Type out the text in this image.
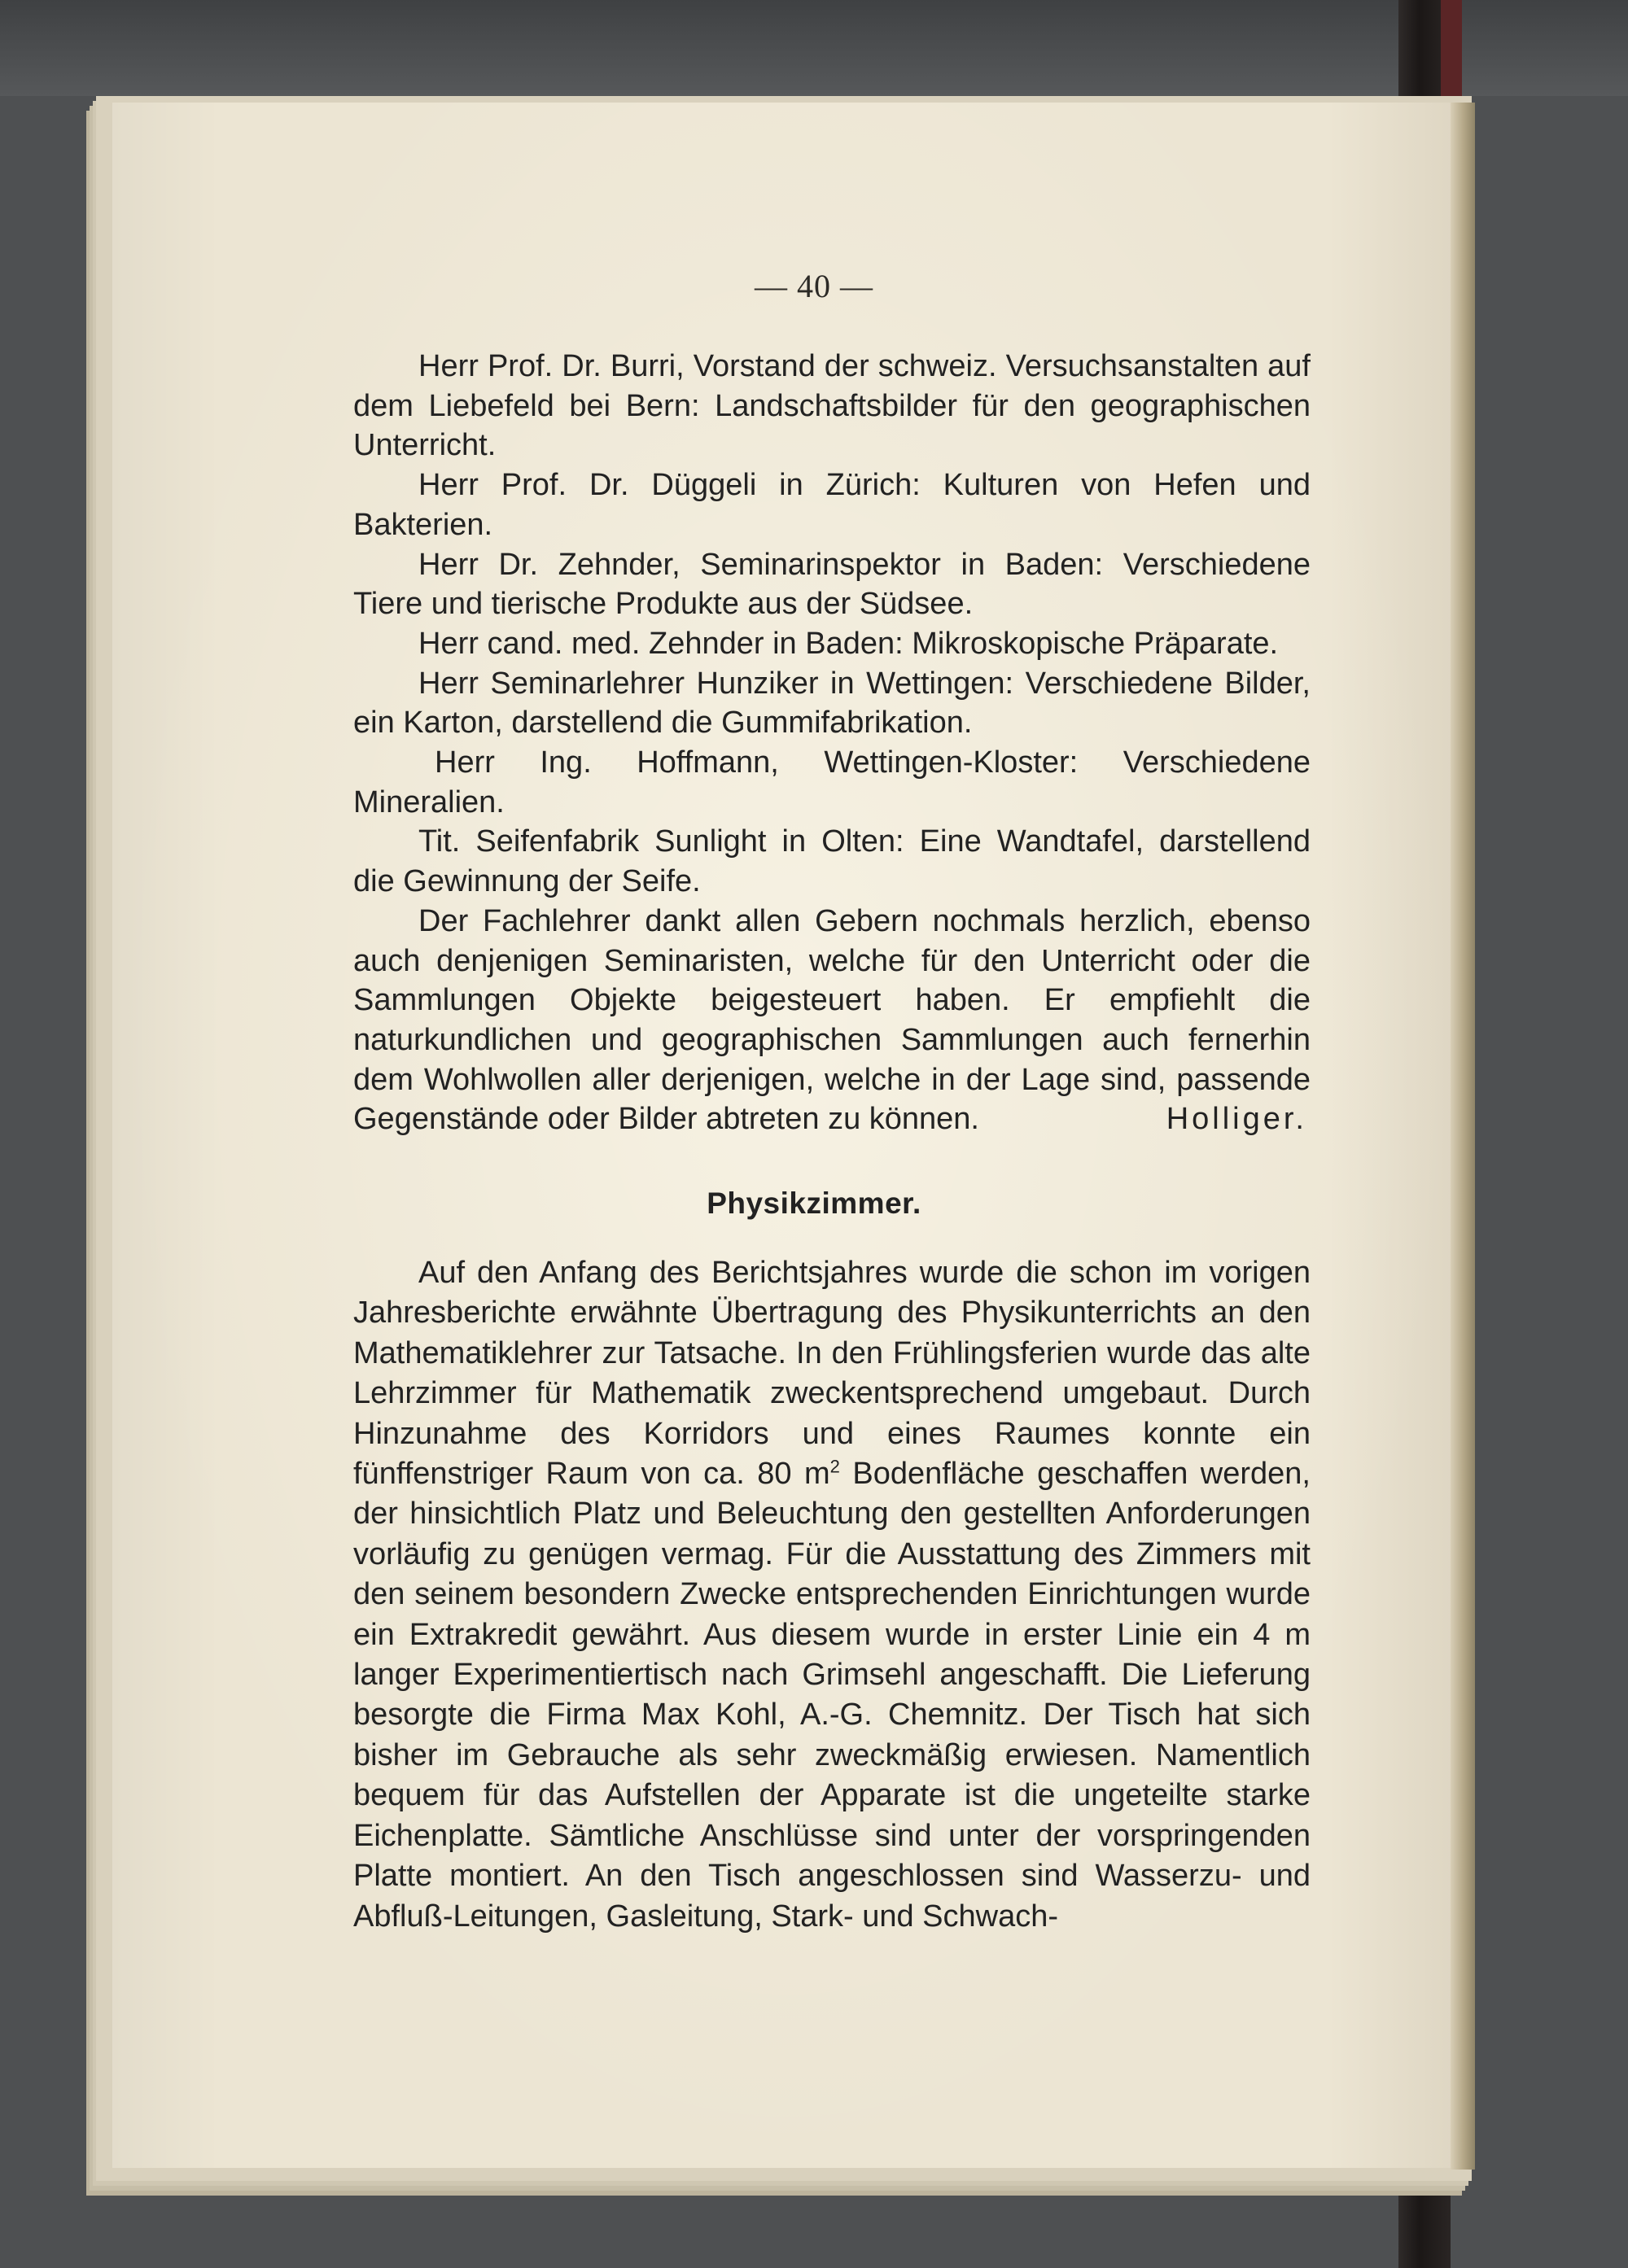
— 40 —

Herr Prof. Dr. Burri, Vorstand der schweiz. Versuchsanstalten auf dem Liebefeld bei Bern: Landschaftsbilder für den geographischen Unterricht.

Herr Prof. Dr. Düggeli in Zürich: Kulturen von Hefen und Bakterien.

Herr Dr. Zehnder, Seminarinspektor in Baden: Verschiedene Tiere und tierische Produkte aus der Südsee.

Herr cand. med. Zehnder in Baden: Mikroskopische Präparate.

Herr Seminarlehrer Hunziker in Wettingen: Verschiedene Bilder, ein Karton, darstellend die Gummifabrikation.

Herr Ing. Hoffmann, Wettingen-Kloster: Verschiedene Mineralien.

Tit. Seifenfabrik Sunlight in Olten: Eine Wandtafel, darstellend die Gewinnung der Seife.

Der Fachlehrer dankt allen Gebern nochmals herzlich, ebenso auch denjenigen Seminaristen, welche für den Unterricht oder die Sammlungen Objekte beigesteuert haben. Er empfiehlt die naturkundlichen und geographischen Sammlungen auch fernerhin dem Wohlwollen aller derjenigen, welche in der Lage sind, passende Gegenstände oder Bilder abtreten zu können.	Holliger.

Physikzimmer.

Auf den Anfang des Berichtsjahres wurde die schon im vorigen Jahresberichte erwähnte Übertragung des Physikunterrichts an den Mathematiklehrer zur Tatsache. In den Frühlingsferien wurde das alte Lehrzimmer für Mathematik zweckentsprechend umgebaut. Durch Hinzunahme des Korridors und eines Raumes konnte ein fünffenstriger Raum von ca. 80 $m^2$ Bodenfläche geschaffen werden, der hinsichtlich Platz und Beleuchtung den gestellten Anforderungen vorläufig zu genügen vermag. Für die Ausstattung des Zimmers mit den seinem besondern Zwecke entsprechenden Einrichtungen wurde ein Extrakredit gewährt. Aus diesem wurde in erster Linie ein 4 m langer Experimentiertisch nach Grimsehl angeschafft. Die Lieferung besorgte die Firma Max Kohl, A.-G. Chemnitz. Der Tisch hat sich bisher im Gebrauche als sehr zweckmäßig erwiesen. Namentlich bequem für das Aufstellen der Apparate ist die ungeteilte starke Eichenplatte. Sämtliche Anschlüsse sind unter der vorspringenden Platte montiert. An den Tisch angeschlossen sind Wasserzu- und Abfluß-Leitungen, Gasleitung, Stark- und Schwach-
